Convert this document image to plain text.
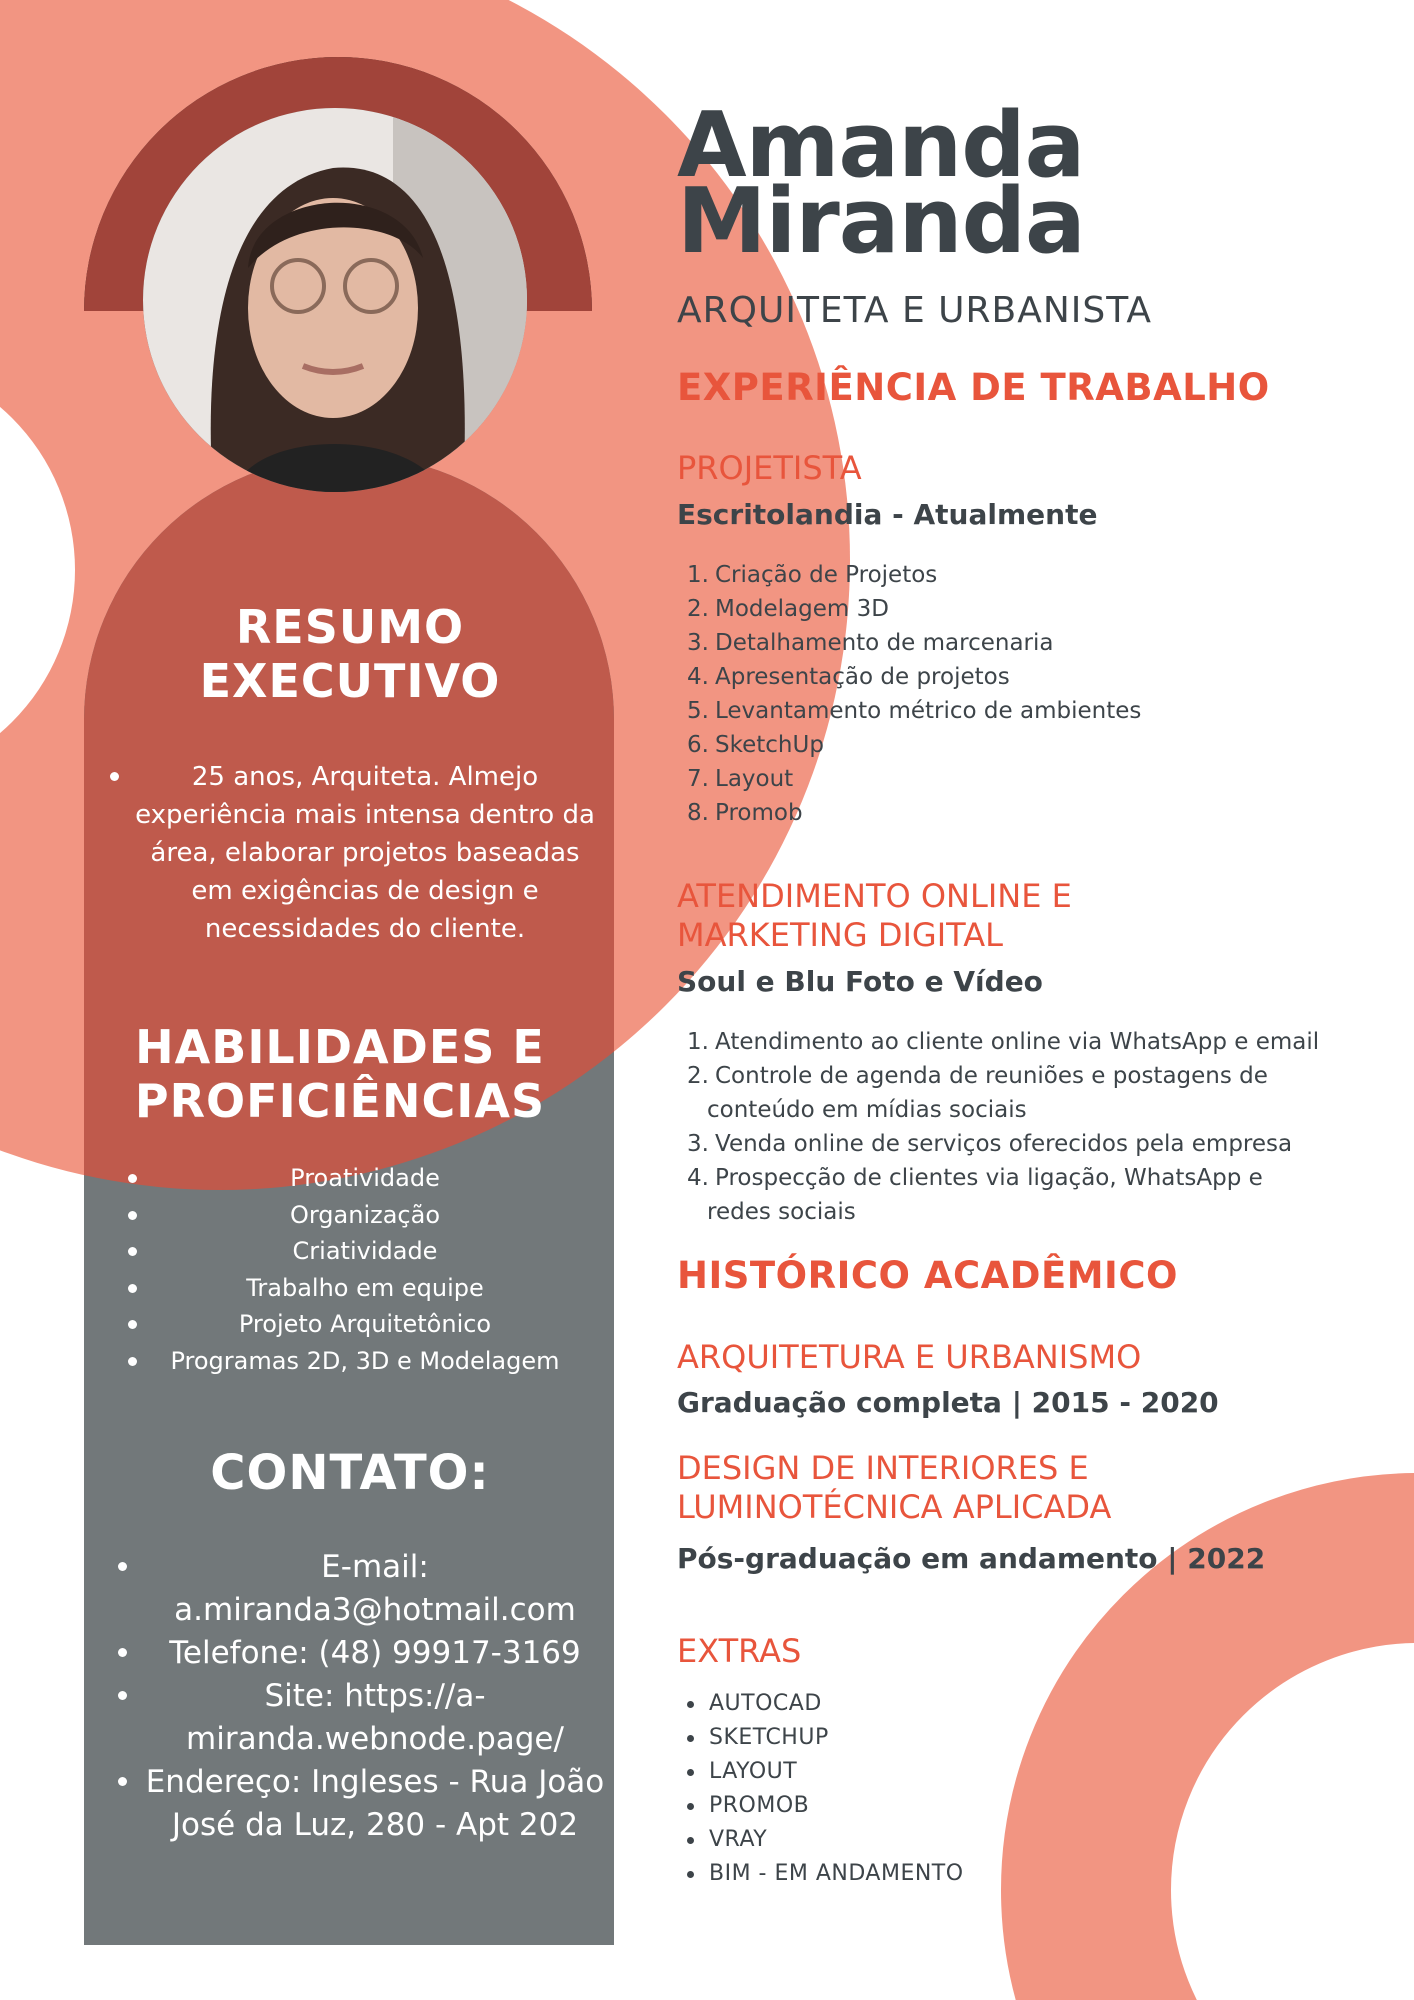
RESUMO
EXECUTIVO
25 anos, Arquiteta. Almejo experiência mais intensa dentro da área, elaborar projetos baseadas em exigências de design e necessidades do cliente.
HABILIDADES E
PROFICIÊNCIAS
Proatividade
Organização
Criatividade
Trabalho em equipe
Projeto Arquitetônico
Programas 2D, 3D e Modelagem
CONTATO:
E-mail: a.miranda3@hotmail.com
Telefone: (48) 99917-3169
Site: https://a-miranda.webnode.page/
Endereço: Ingleses - Rua João José da Luz, 280 - Apt 202
Amanda
Miranda
ARQUITETA E URBANISTA
EXPERIÊNCIA DE TRABALHO
PROJETISTA
Escritolandia - Atualmente
1. Criação de Projetos
2. Modelagem 3D
3. Detalhamento de marcenaria
4. Apresentação de projetos
5. Levantamento métrico de ambientes
6. SketchUp
7. Layout
8. Promob
ATENDIMENTO ONLINE E
MARKETING DIGITAL
Soul e Blu Foto e Vídeo
1. Atendimento ao cliente online via WhatsApp e email
2. Controle de agenda de reuniões e postagens de
conteúdo em mídias sociais
3. Venda online de serviços oferecidos pela empresa
4. Prospecção de clientes via ligação, WhatsApp e
redes sociais
HISTÓRICO ACADÊMICO
ARQUITETURA E URBANISMO
Graduação completa | 2015 - 2020
DESIGN DE INTERIORES E
LUMINOTÉCNICA APLICADA
Pós-graduação em andamento | 2022
EXTRAS
AUTOCAD
SKETCHUP
LAYOUT
PROMOB
VRAY
BIM - EM ANDAMENTO
